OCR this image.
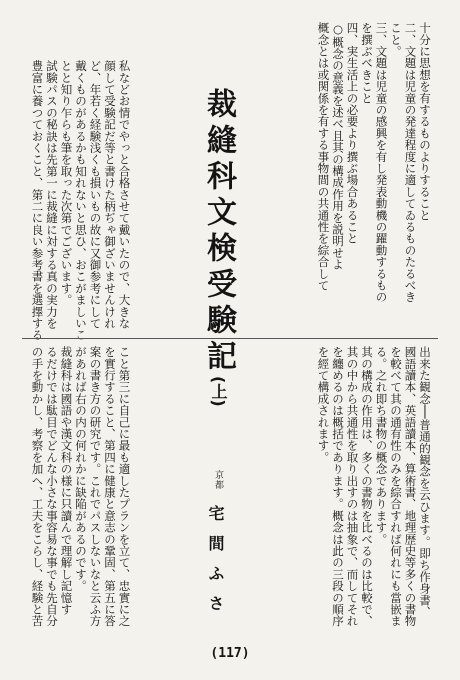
十分に思想を有するものよりすること
二、文題は児童の発達程度に適してゐるものたるべき
こと。
三、文題は児童の感興を有し発表動機の躍動するもの
を撰ぶべきこと
四、実生活上の必要より撰ぶ場合あること
○概念の意義を述べ且其の構成作用を説明せよ
概念とは或関係を有する事物間の共通性を綜合して
裁縫科文検受験記(上)
私などお情でやっと合格させて戴いたので、大きな
顔して受験記だ等と書けた柄ぢゃ御ざいませんけれ
ど、年若く経験浅くも損いもの故に又御参考にして
戴くものがあるかも知れないと思ひ、おこがましいこ
とと知り乍らも筆を取った次第でございます。
試験パスの秘訣は先第一に裁縫に対する真の実力を
豊富に養つておくこと、第二に良い参考書を選擇する
出来た観念──普通的観念を云ひます。即ち作身書、
國語讀本、英語讀本、算術書、地理歴史等多くの書物
を較べて其の通有性のみを綜合すれば何れにも當嵌ま
る。之れ即ち書物の概念であります。
其の構成の作用は、多くの書物を比べるのは比較で、
其の中から共通性を取り出すのは抽象で、而してそれ
を纏めるのは概括であります。概念は此の三段の順序
を經て構成されます。
宅間ふさ
京都
こと第三に自己に最も適したプランを立て、忠實に之
を實行すること、第四に健康と意志の鞏固、第五に答
案の書き方の研究です。これでパスしないなと云ふ方
があれば右の内の何れかに缺陥があるのです。
裁縫科は國語や漢文科の様に只讀んで理解し記憶す
るだけでは駄目でどんな小さな事容易な事でも先自分
の手を動かし、考察を加へ、工夫をこらし、経験と苦
(117)
